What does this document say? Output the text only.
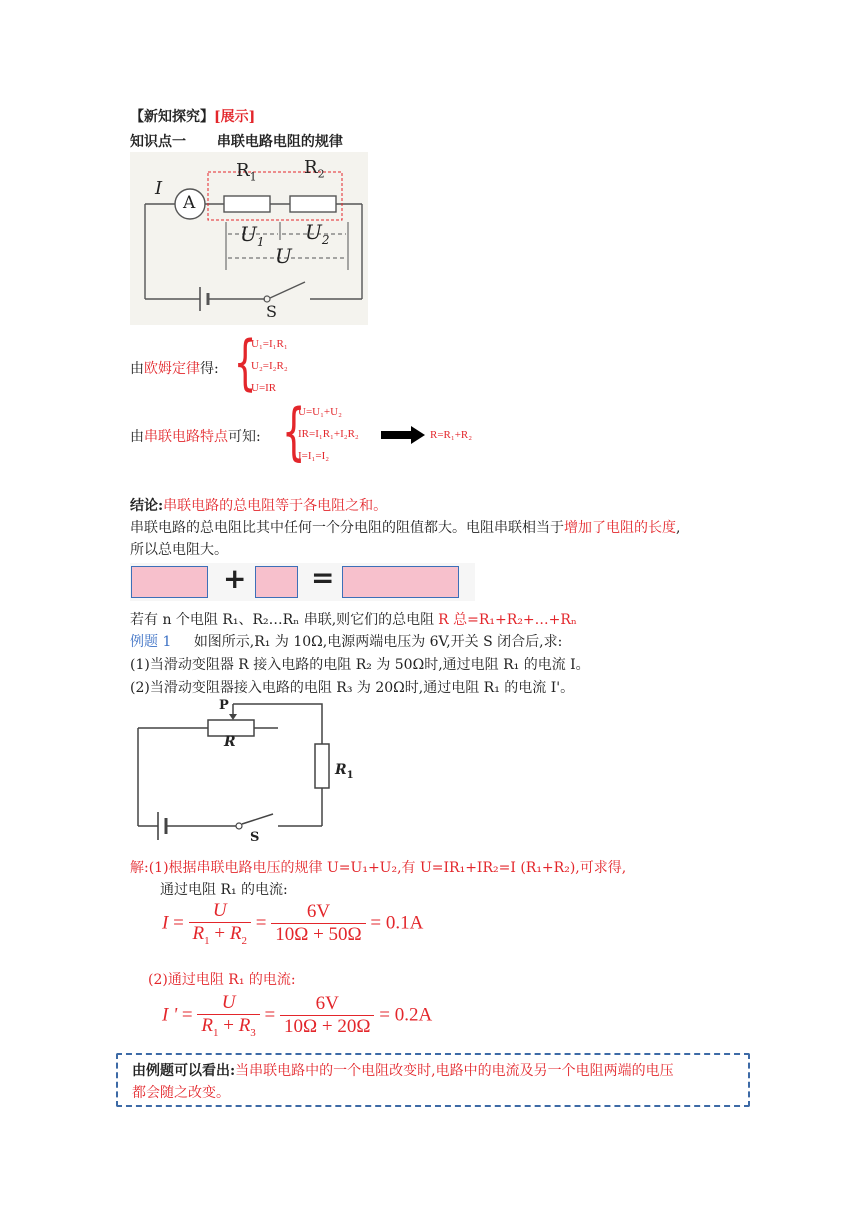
【新知探究】[展示]
知识点一 串联电路电阻的规律
I
A
$R_1$	$R_2$
$U_1$ $U_2$
U
S
由欧姆定律得: {
U₁=I₁R₁
U₂=I₂R₂
U=IR
由串联电路特点可知: {
U=U₁+U₂
IR=I₁R₁+I₂R₂
I=I₁=I₂
R=R₁+R₂
结论:串联电路的总电阻等于各电阻之和。
串联电路的总电阻比其中任何一个分电阻的阻值都大。电阻串联相当于增加了电阻的长度,
所以总电阻大。
+ =
若有 n 个电阻 R₁、R₂…Rₙ 串联,则它们的总电阻 R 总=R₁+R₂+…+Rₙ
例题 1 如图所示,R₁ 为 10Ω,电源两端电压为 6V,开关 S 闭合后,求:
(1)当滑动变阻器 R 接入电路的电阻 R₂ 为 50Ω时,通过电阻 R₁ 的电流 I。
(2)当滑动变阻器接入电路的电阻 R₃ 为 20Ω时,通过电阻 R₁ 的电流 I'。
P
R
$R_1$
S
解:(1)根据串联电路电压的规律 U=U₁+U₂,有 U=IR₁+IR₂=I (R₁+R₂),可求得,
通过电阻 R₁ 的电流:
$I = \frac{U}{R_1 + R_2} = \frac{6V}{10\Omega + 50\Omega} = 0.1A$
(2)通过电阻 R₁ 的电流:
I ' = $\frac{U}{R_1 + R_3} = \frac{6V}{10\Omega + 20\Omega} = 0.2A$
由例题可以看出:当串联电路中的一个电阻改变时,电路中的电流及另一个电阻两端的电压
都会随之改变。
